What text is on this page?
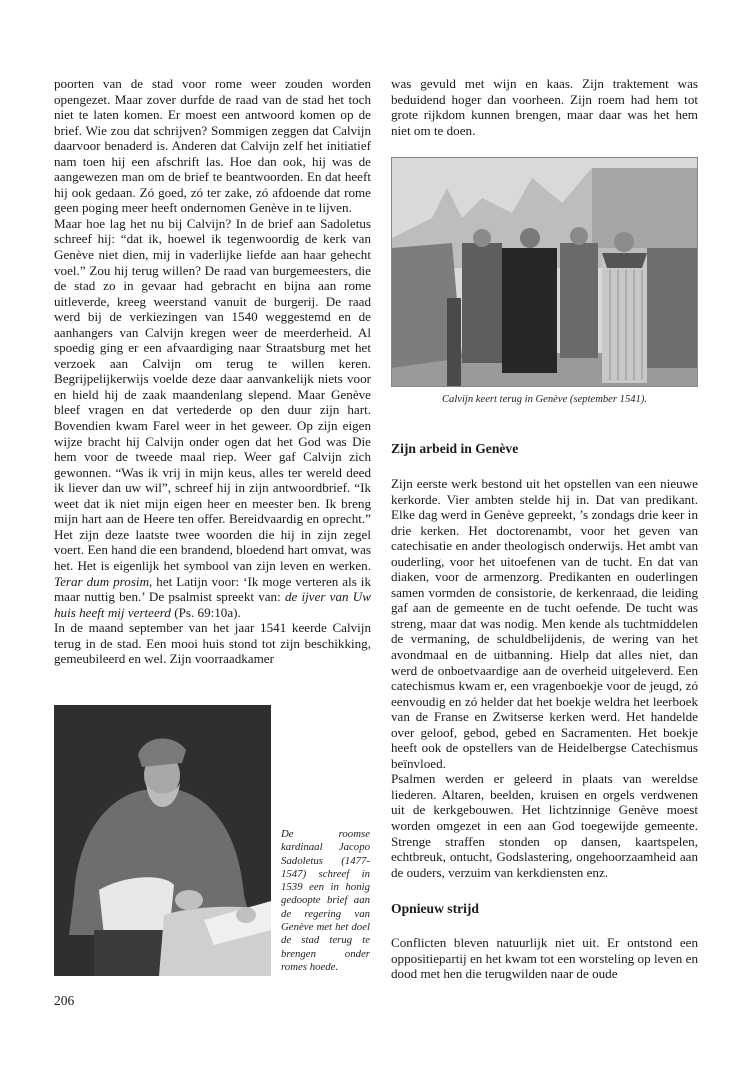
poorten van de stad voor rome weer zouden worden opengezet. Maar zover durfde de raad van de stad het toch niet te laten komen. Er moest een antwoord komen op de brief. Wie zou dat schrijven? Sommigen zeggen dat Calvijn daarvoor benaderd is. Anderen dat Calvijn zelf het initiatief nam toen hij een afschrift las. Hoe dan ook, hij was de aangewezen man om de brief te beantwoorden. En dat heeft hij ook gedaan. Zó goed, zó ter zake, zó afdoende dat rome geen poging meer heeft ondernomen Genève in te lijven.

Maar hoe lag het nu bij Calvijn? In de brief aan Sadoletus schreef hij: “dat ik, hoewel ik tegenwoordig de kerk van Genève niet dien, mij in vaderlijke liefde aan haar gehecht voel.” Zou hij terug willen? De raad van burgemeesters, die de stad zo in gevaar had gebracht en bijna aan rome uitleverde, kreeg weerstand vanuit de burgerij. De raad werd bij de verkiezingen van 1540 weggestemd en de aanhangers van Calvijn kregen weer de meerderheid. Al spoedig ging er een afvaardiging naar Straatsburg met het verzoek aan Calvijn om terug te willen keren. Begrijpelijkerwijs voelde deze daar aanvankelijk niets voor en hield hij de zaak maandenlang slepend. Maar Genève bleef vragen en dat vertederde op den duur zijn hart. Bovendien kwam Farel weer in het geweer. Op zijn eigen wijze bracht hij Calvijn onder ogen dat het God was Die hem voor de tweede maal riep. Weer gaf Calvijn zich gewonnen. “Was ik vrij in mijn keus, alles ter wereld deed ik liever dan uw wil”, schreef hij in zijn antwoordbrief. “Ik weet dat ik niet mijn eigen heer en meester ben. Ik breng mijn hart aan de Heere ten offer. Bereidvaardig en oprecht.” Het zijn deze laatste twee woorden die hij in zijn zegel voert. Een hand die een brandend, bloedend hart omvat, was het. Het is eigenlijk het symbool van zijn leven en werken. Terar dum prosim, het Latijn voor: ‘Ik moge verteren als ik maar nuttig ben.’ De psalmist spreekt van: de ijver van Uw huis heeft mij verteerd (Ps. 69:10a).

In de maand september van het jaar 1541 keerde Calvijn terug in de stad. Een mooi huis stond tot zijn beschikking, gemeubileerd en wel. Zijn voorraadkamer

De roomse kardinaal Jacopo Sadoletus (1477-1547) schreef in 1539 een in honig gedoopte brief aan de regering van Genève met het doel de stad terug te brengen onder romes hoede.
206

was gevuld met wijn en kaas. Zijn traktement was beduidend hoger dan voorheen. Zijn roem had hem tot grote rijkdom kunnen brengen, maar daar was het hem niet om te doen.

Calvijn keert terug in Genève (september 1541).
Zijn arbeid in Genève

Zijn eerste werk bestond uit het opstellen van een nieuwe kerkorde. Vier ambten stelde hij in. Dat van predikant. Elke dag werd in Genève gepreekt, ’s zondags drie keer in drie kerken. Het doctorenambt, voor het geven van catechisatie en ander theologisch onderwijs. Het ambt van ouderling, voor het uitoefenen van de tucht. En dat van diaken, voor de armenzorg. Predikanten en ouderlingen samen vormden de consistorie, de kerkenraad, die leiding gaf aan de gemeente en de tucht oefende. De tucht was streng, maar dat was nodig. Men kende als tuchtmiddelen de vermaning, de schuldbelijdenis, de wering van het avondmaal en de uitbanning. Hielp dat alles niet, dan werd de onboetvaardige aan de overheid uitgeleverd. Een catechismus kwam er, een vragenboekje voor de jeugd, zó eenvoudig en zó helder dat het boekje weldra het leerboek van de Franse en Zwitserse kerken werd. Het handelde over geloof, gebod, gebed en Sacramenten. Het boekje heeft ook de opstellers van de Heidelbergse Catechismus beïnvloed.

Psalmen werden er geleerd in plaats van wereldse liederen. Altaren, beelden, kruisen en orgels verdwenen uit de kerkgebouwen. Het lichtzinnige Genève moest worden omgezet in een aan God toegewijde gemeente. Strenge straffen stonden op dansen, kaartspelen, echtbreuk, ontucht, Godslastering, ongehoorzaamheid aan de ouders, verzuim van kerkdiensten enz.

Opnieuw strijd

Conflicten bleven natuurlijk niet uit. Er ontstond een oppositiepartij en het kwam tot een worsteling op leven en dood met hen die terugwilden naar de oude
